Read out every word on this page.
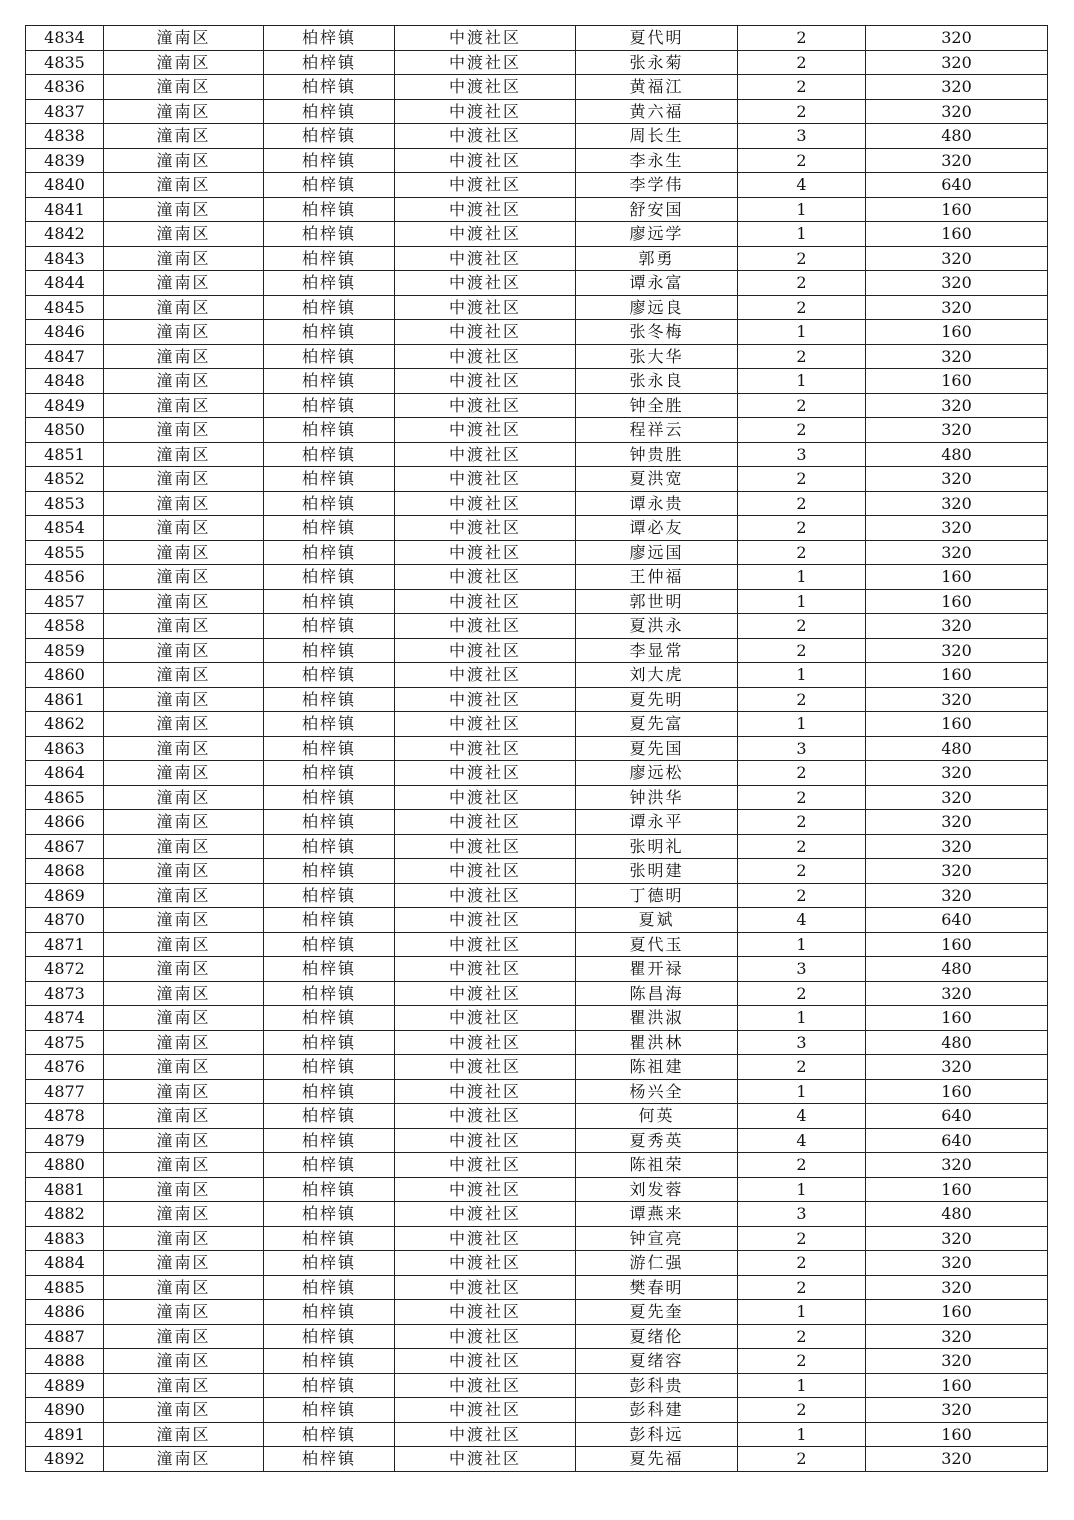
4834	潼南区	柏梓镇	中渡社区	夏代明	2	320
4835	潼南区	柏梓镇	中渡社区	张永菊	2	320
4836	潼南区	柏梓镇	中渡社区	黄福江	2	320
4837	潼南区	柏梓镇	中渡社区	黄六福	2	320
4838	潼南区	柏梓镇	中渡社区	周长生	3	480
4839	潼南区	柏梓镇	中渡社区	李永生	2	320
4840	潼南区	柏梓镇	中渡社区	李学伟	4	640
4841	潼南区	柏梓镇	中渡社区	舒安国	1	160
4842	潼南区	柏梓镇	中渡社区	廖远学	1	160
4843	潼南区	柏梓镇	中渡社区	郭勇	2	320
4844	潼南区	柏梓镇	中渡社区	谭永富	2	320
4845	潼南区	柏梓镇	中渡社区	廖远良	2	320
4846	潼南区	柏梓镇	中渡社区	张冬梅	1	160
4847	潼南区	柏梓镇	中渡社区	张大华	2	320
4848	潼南区	柏梓镇	中渡社区	张永良	1	160
4849	潼南区	柏梓镇	中渡社区	钟全胜	2	320
4850	潼南区	柏梓镇	中渡社区	程祥云	2	320
4851	潼南区	柏梓镇	中渡社区	钟贵胜	3	480
4852	潼南区	柏梓镇	中渡社区	夏洪宽	2	320
4853	潼南区	柏梓镇	中渡社区	谭永贵	2	320
4854	潼南区	柏梓镇	中渡社区	谭必友	2	320
4855	潼南区	柏梓镇	中渡社区	廖远国	2	320
4856	潼南区	柏梓镇	中渡社区	王仲福	1	160
4857	潼南区	柏梓镇	中渡社区	郭世明	1	160
4858	潼南区	柏梓镇	中渡社区	夏洪永	2	320
4859	潼南区	柏梓镇	中渡社区	李显常	2	320
4860	潼南区	柏梓镇	中渡社区	刘大虎	1	160
4861	潼南区	柏梓镇	中渡社区	夏先明	2	320
4862	潼南区	柏梓镇	中渡社区	夏先富	1	160
4863	潼南区	柏梓镇	中渡社区	夏先国	3	480
4864	潼南区	柏梓镇	中渡社区	廖远松	2	320
4865	潼南区	柏梓镇	中渡社区	钟洪华	2	320
4866	潼南区	柏梓镇	中渡社区	谭永平	2	320
4867	潼南区	柏梓镇	中渡社区	张明礼	2	320
4868	潼南区	柏梓镇	中渡社区	张明建	2	320
4869	潼南区	柏梓镇	中渡社区	丁德明	2	320
4870	潼南区	柏梓镇	中渡社区	夏斌	4	640
4871	潼南区	柏梓镇	中渡社区	夏代玉	1	160
4872	潼南区	柏梓镇	中渡社区	瞿开禄	3	480
4873	潼南区	柏梓镇	中渡社区	陈昌海	2	320
4874	潼南区	柏梓镇	中渡社区	瞿洪淑	1	160
4875	潼南区	柏梓镇	中渡社区	瞿洪林	3	480
4876	潼南区	柏梓镇	中渡社区	陈祖建	2	320
4877	潼南区	柏梓镇	中渡社区	杨兴全	1	160
4878	潼南区	柏梓镇	中渡社区	何英	4	640
4879	潼南区	柏梓镇	中渡社区	夏秀英	4	640
4880	潼南区	柏梓镇	中渡社区	陈祖荣	2	320
4881	潼南区	柏梓镇	中渡社区	刘发蓉	1	160
4882	潼南区	柏梓镇	中渡社区	谭燕来	3	480
4883	潼南区	柏梓镇	中渡社区	钟宣亮	2	320
4884	潼南区	柏梓镇	中渡社区	游仁强	2	320
4885	潼南区	柏梓镇	中渡社区	樊春明	2	320
4886	潼南区	柏梓镇	中渡社区	夏先奎	1	160
4887	潼南区	柏梓镇	中渡社区	夏绪伦	2	320
4888	潼南区	柏梓镇	中渡社区	夏绪容	2	320
4889	潼南区	柏梓镇	中渡社区	彭科贵	1	160
4890	潼南区	柏梓镇	中渡社区	彭科建	2	320
4891	潼南区	柏梓镇	中渡社区	彭科远	1	160
4892	潼南区	柏梓镇	中渡社区	夏先福	2	320
